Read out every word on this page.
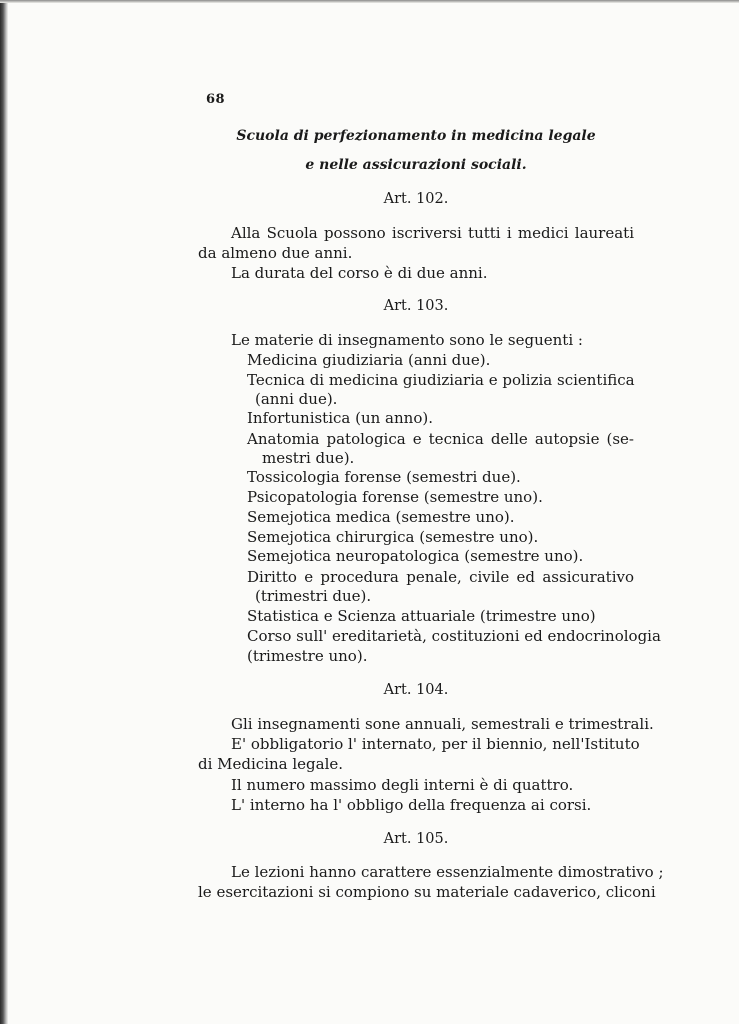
68
Scuola di perfezionamento in medicina legale
e nelle assicurazioni sociali.
Art. 102.
Alla Scuola possono iscriversi tutti i medici laureati
da almeno due anni.
La durata del corso è di due anni.
Art. 103.
Le materie di insegnamento sono le seguenti :
Medicina giudiziaria (anni due).
Tecnica di medicina giudiziaria e polizia scientifica
(anni due).
Infortunistica (un anno).
Anatomia patologica e tecnica delle autopsie (se-
mestri due).
Tossicologia forense (semestri due).
Psicopatologia forense (semestre uno).
Semejotica medica (semestre uno).
Semejotica chirurgica (semestre uno).
Semejotica neuropatologica (semestre uno).
Diritto e procedura penale, civile ed assicurativo
(trimestri due).
Statistica e Scienza attuariale (trimestre uno)
Corso sull' ereditarietà, costituzioni ed endocrinologia
(trimestre uno).
Art. 104.
Gli insegnamenti sone annuali, semestrali e trimestrali.
E' obbligatorio l' internato, per il biennio, nell'Istituto
di Medicina legale.
Il numero massimo degli interni è di quattro.
L' interno ha l' obbligo della frequenza ai corsi.
Art. 105.
Le lezioni hanno carattere essenzialmente dimostrativo ;
le esercitazioni si compiono su materiale cadaverico, cliconi
